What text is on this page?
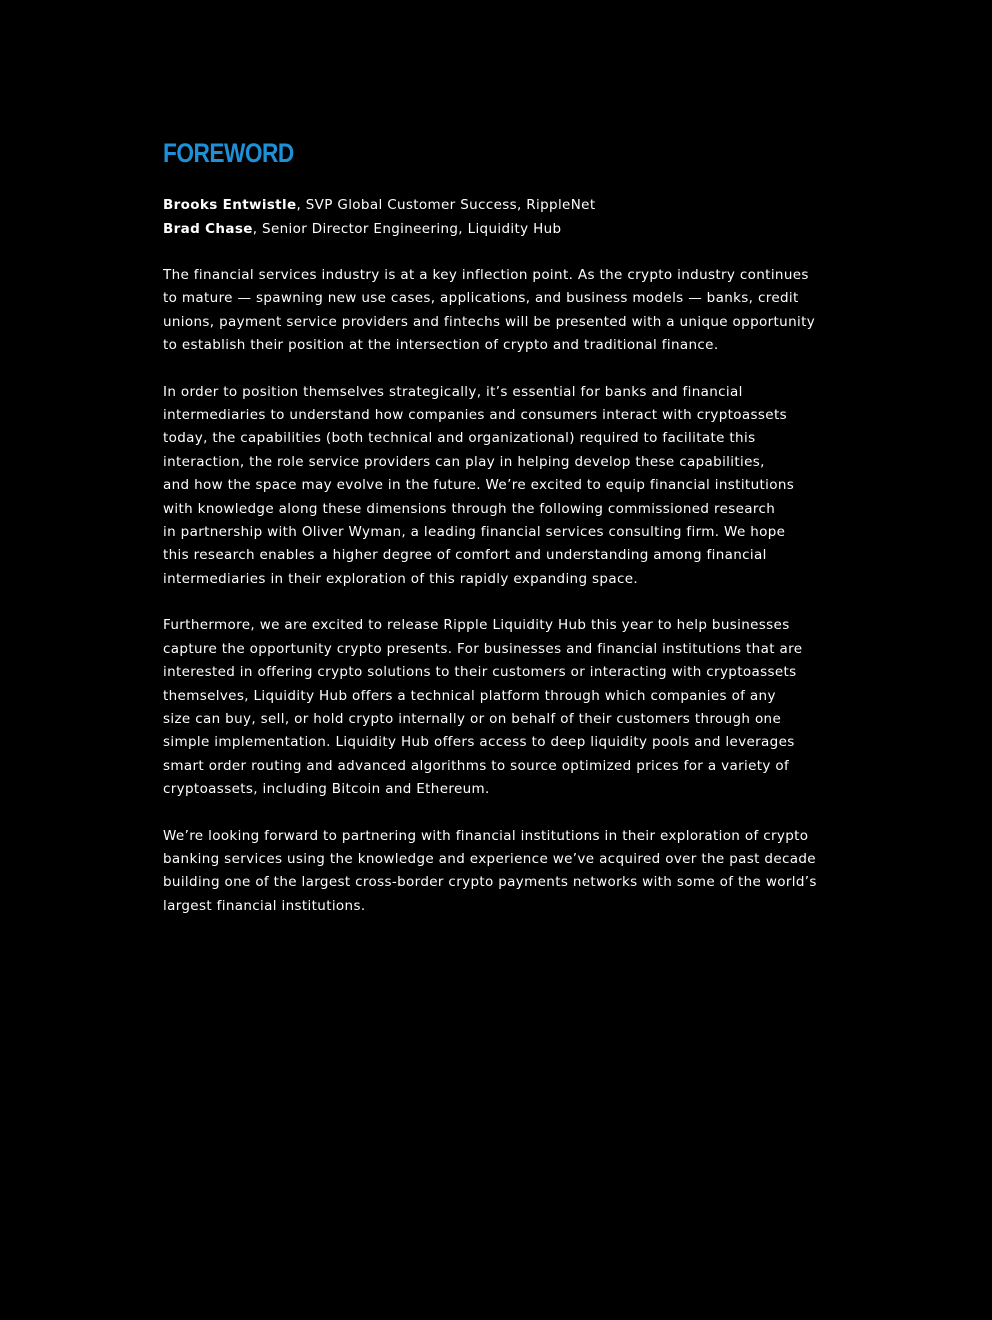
FOREWORD
Brooks Entwistle, SVP Global Customer Success, RippleNet
Brad Chase, Senior Director Engineering, Liquidity Hub

The financial services industry is at a key inflection point. As the crypto industry continues
to mature — spawning new use cases, applications, and business models — banks, credit
unions, payment service providers and fintechs will be presented with a unique opportunity
to establish their position at the intersection of crypto and traditional finance.

In order to position themselves strategically, it’s essential for banks and financial
intermediaries to understand how companies and consumers interact with cryptoassets
today, the capabilities (both technical and organizational) required to facilitate this
interaction, the role service providers can play in helping develop these capabilities,
and how the space may evolve in the future. We’re excited to equip financial institutions
with knowledge along these dimensions through the following commissioned research
in partnership with Oliver Wyman, a leading financial services consulting firm. We hope
this research enables a higher degree of comfort and understanding among financial
intermediaries in their exploration of this rapidly expanding space.

Furthermore, we are excited to release Ripple Liquidity Hub this year to help businesses
capture the opportunity crypto presents. For businesses and financial institutions that are
interested in offering crypto solutions to their customers or interacting with cryptoassets
themselves, Liquidity Hub offers a technical platform through which companies of any
size can buy, sell, or hold crypto internally or on behalf of their customers through one
simple implementation. Liquidity Hub offers access to deep liquidity pools and leverages
smart order routing and advanced algorithms to source optimized prices for a variety of
cryptoassets, including Bitcoin and Ethereum.

We’re looking forward to partnering with financial institutions in their exploration of crypto
banking services using the knowledge and experience we’ve acquired over the past decade
building one of the largest cross-border crypto payments networks with some of the world’s
largest financial institutions.
